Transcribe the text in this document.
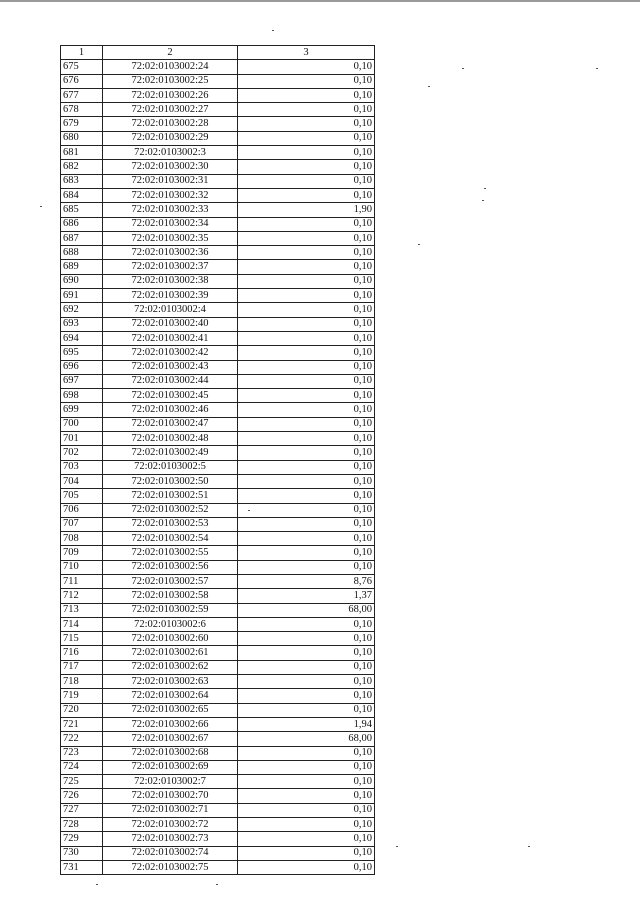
1	2	3
675	72:02:0103002:24	0,10
676	72:02:0103002:25	0,10
677	72:02:0103002:26	0,10
678	72:02:0103002:27	0,10
679	72:02:0103002:28	0,10
680	72:02:0103002:29	0,10
681	72:02:0103002:3	0,10
682	72:02:0103002:30	0,10
683	72:02:0103002:31	0,10
684	72:02:0103002:32	0,10
685	72:02:0103002:33	1,90
686	72:02:0103002:34	0,10
687	72:02:0103002:35	0,10
688	72:02:0103002:36	0,10
689	72:02:0103002:37	0,10
690	72:02:0103002:38	0,10
691	72:02:0103002:39	0,10
692	72:02:0103002:4	0,10
693	72:02:0103002:40	0,10
694	72:02:0103002:41	0,10
695	72:02:0103002:42	0,10
696	72:02:0103002:43	0,10
697	72:02:0103002:44	0,10
698	72:02:0103002:45	0,10
699	72:02:0103002:46	0,10
700	72:02:0103002:47	0,10
701	72:02:0103002:48	0,10
702	72:02:0103002:49	0,10
703	72:02:0103002:5	0,10
704	72:02:0103002:50	0,10
705	72:02:0103002:51	0,10
706	72:02:0103002:52	0,10
707	72:02:0103002:53	0,10
708	72:02:0103002:54	0,10
709	72:02:0103002:55	0,10
710	72:02:0103002:56	0,10
711	72:02:0103002:57	8,76
712	72:02:0103002:58	1,37
713	72:02:0103002:59	68,00
714	72:02:0103002:6	0,10
715	72:02:0103002:60	0,10
716	72:02:0103002:61	0,10
717	72:02:0103002:62	0,10
718	72:02:0103002:63	0,10
719	72:02:0103002:64	0,10
720	72:02:0103002:65	0,10
721	72:02:0103002:66	1,94
722	72:02:0103002:67	68,00
723	72:02:0103002:68	0,10
724	72:02:0103002:69	0,10
725	72:02:0103002:7	0,10
726	72:02:0103002:70	0,10
727	72:02:0103002:71	0,10
728	72:02:0103002:72	0,10
729	72:02:0103002:73	0,10
730	72:02:0103002:74	0,10
731	72:02:0103002:75	0,10
